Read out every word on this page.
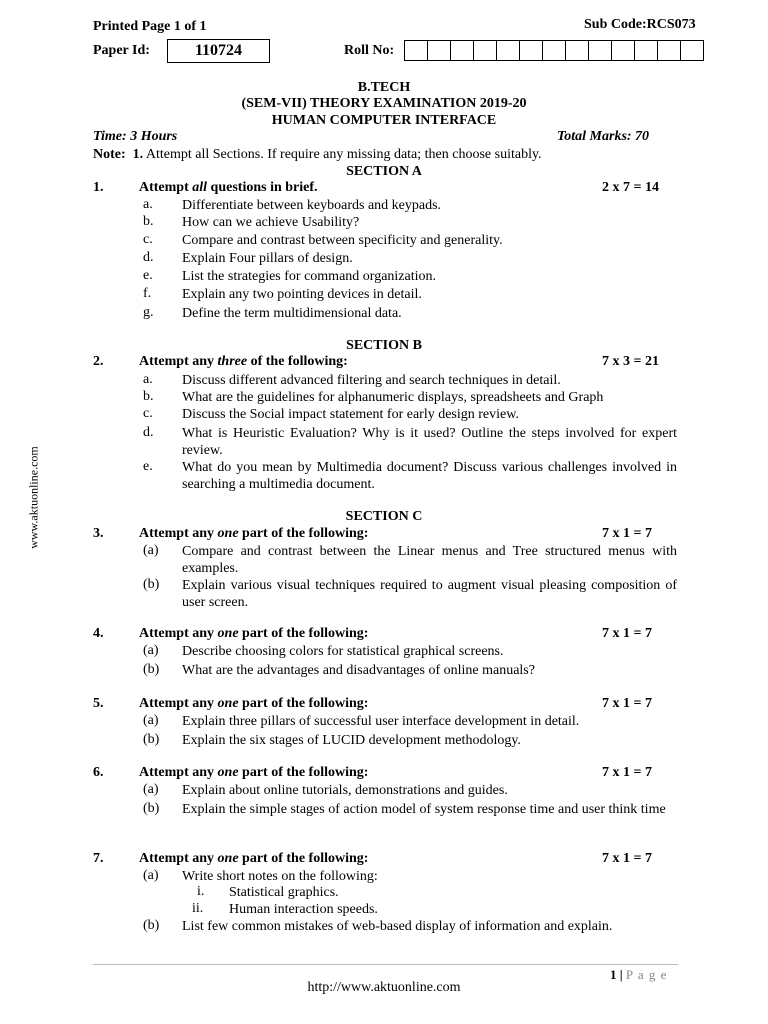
Printed Page 1 of 1	Sub Code:RCS073
Paper Id:	110724	Roll No:
B.TECH
(SEM-VII) THEORY EXAMINATION 2019-20
HUMAN COMPUTER INTERFACE
Time: 3 Hours	Total Marks: 70
Note: 1. Attempt all Sections. If require any missing data; then choose suitably.
SECTION A
SECTION B
SECTION C
1.	Attempt all questions in brief.	2 x 7 = 14
a. Differentiate between keyboards and keypads.
b. How can we achieve Usability?
c. Compare and contrast between specificity and generality.
d. Explain Four pillars of design.
e. List the strategies for command organization.
f. Explain any two pointing devices in detail.
g. Define the term multidimensional data.
2.	Attempt any three of the following:	7 x 3 = 21
a. Discuss different advanced filtering and search techniques in detail.
b. What are the guidelines for alphanumeric displays, spreadsheets and Graph
c. Discuss the Social impact statement for early design review.
d. What is Heuristic Evaluation? Why is it used? Outline the steps involved for expert review.
e. What do you mean by Multimedia document? Discuss various challenges involved in searching a multimedia document.
3.	Attempt any one part of the following:	7 x 1 = 7
(a) Compare and contrast between the Linear menus and Tree structured menus with examples.
(b) Explain various visual techniques required to augment visual pleasing composition of user screen.
4.	Attempt any one part of the following:	7 x 1 = 7
(a) Describe choosing colors for statistical graphical screens.
(b) What are the advantages and disadvantages of online manuals?
5.	Attempt any one part of the following:	7 x 1 = 7
(a) Explain three pillars of successful user interface development in detail.
(b) Explain the six stages of LUCID development methodology.
6.	Attempt any one part of the following:	7 x 1 = 7
(a) Explain about online tutorials, demonstrations and guides.
(b) Explain the simple stages of action model of system response time and user think time
7.	Attempt any one part of the following:	7 x 1 = 7
(a) Write short notes on the following:
(b) List few common mistakes of web-based display of information and explain.
i. Statistical graphics.
ii. Human interaction speeds.
www.aktuonline.com
1 | P a g e
http://www.aktuonline.com
